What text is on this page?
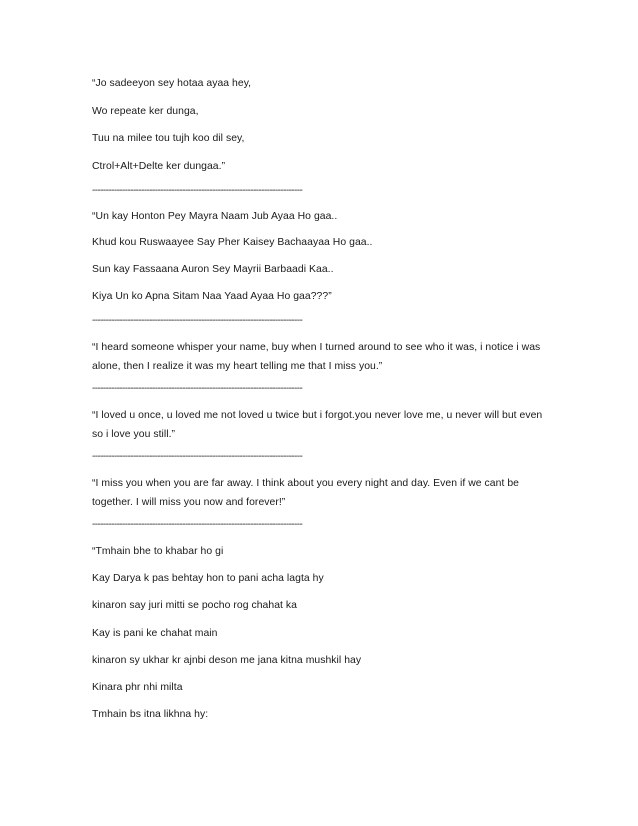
“Jo sadeeyon sey hotaa ayaa hey,
Wo repeate ker dunga,
Tuu na milee tou tujh koo dil sey,
Ctrol+Alt+Delte ker dungaa.”
-----------------------------------------------------------------------------
“Un kay Honton Pey Mayra Naam Jub Ayaa Ho gaa..
Khud kou Ruswaayee Say Pher Kaisey Bachaayaa Ho gaa..
Sun kay Fassaana Auron Sey Mayrii Barbaadi Kaa..
Kiya Un ko Apna Sitam Naa Yaad Ayaa Ho gaa???”
-----------------------------------------------------------------------------
“I heard someone whisper your name, buy when I turned around to see who it was, i notice i was alone, then I realize it was my heart telling me that I miss you.”
-----------------------------------------------------------------------------
“I loved u once, u loved me not loved u twice but i forgot.you never love me, u never will but even so i love you still.”
-----------------------------------------------------------------------------
“I miss you when you are far away. I think about you every night and day. Even if we cant be together. I will miss you now and forever!”
-----------------------------------------------------------------------------
“Tmhain bhe to khabar ho gi
Kay Darya k pas behtay hon to pani acha lagta hy
kinaron say juri mitti se pocho rog chahat ka
Kay is pani ke chahat main
kinaron sy ukhar kr ajnbi deson me jana kitna mushkil hay
Kinara phr nhi milta
Tmhain bs itna likhna hy:
